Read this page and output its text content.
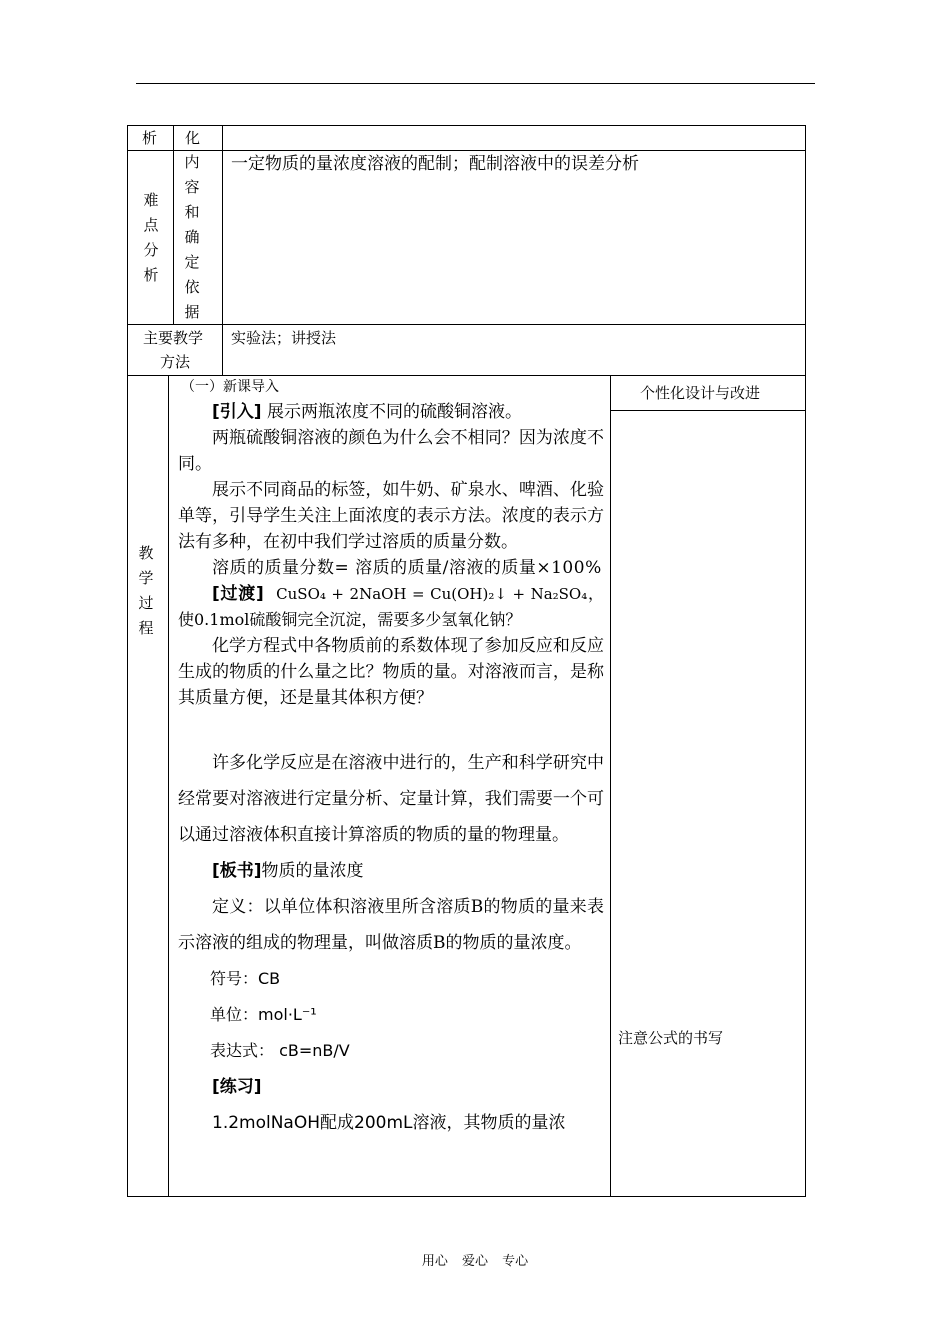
析 化
难
点
分
析
内
容
和
确
定
依
据
一定物质的量浓度溶液的配制；配制溶液中的误差分析
主要教学
方法
实验法；讲授法
教
学
过
程
个性化设计与改进
注意公式的书写
（一）新课导入

[引入] 展示两瓶浓度不同的硫酸铜溶液。

两瓶硫酸铜溶液的颜色为什么会不相同？因为浓度不同。

展示不同商品的标签，如牛奶、矿泉水、啤酒、化验单等，引导学生关注上面浓度的表示方法。浓度的表示方法有多种，在初中我们学过溶质的质量分数。

溶质的质量分数= 溶质的质量/溶液的质量×100%

[过渡] CuSO₄ + 2NaOH = Cu(OH)₂↓ + Na₂SO₄，使0.1mol硫酸铜完全沉淀，需要多少氢氧化钠？

化学方程式中各物质前的系数体现了参加反应和反应生成的物质的什么量之比？物质的量。对溶液而言，是称其质量方便，还是量其体积方便？

许多化学反应是在溶液中进行的，生产和科学研究中经常要对溶液进行定量分析、定量计算，我们需要一个可以通过溶液体积直接计算溶质的物质的量的物理量。

[板书]物质的量浓度

定义：以单位体积溶液里所含溶质B的物质的量来表示溶液的组成的物理量，叫做溶质B的物质的量浓度。

符号：CB

单位：mol·L⁻¹

表达式： cB=nB/V

[练习]

1.2molNaOH配成200mL溶液，其物质的量浓

用心 爱心 专心
